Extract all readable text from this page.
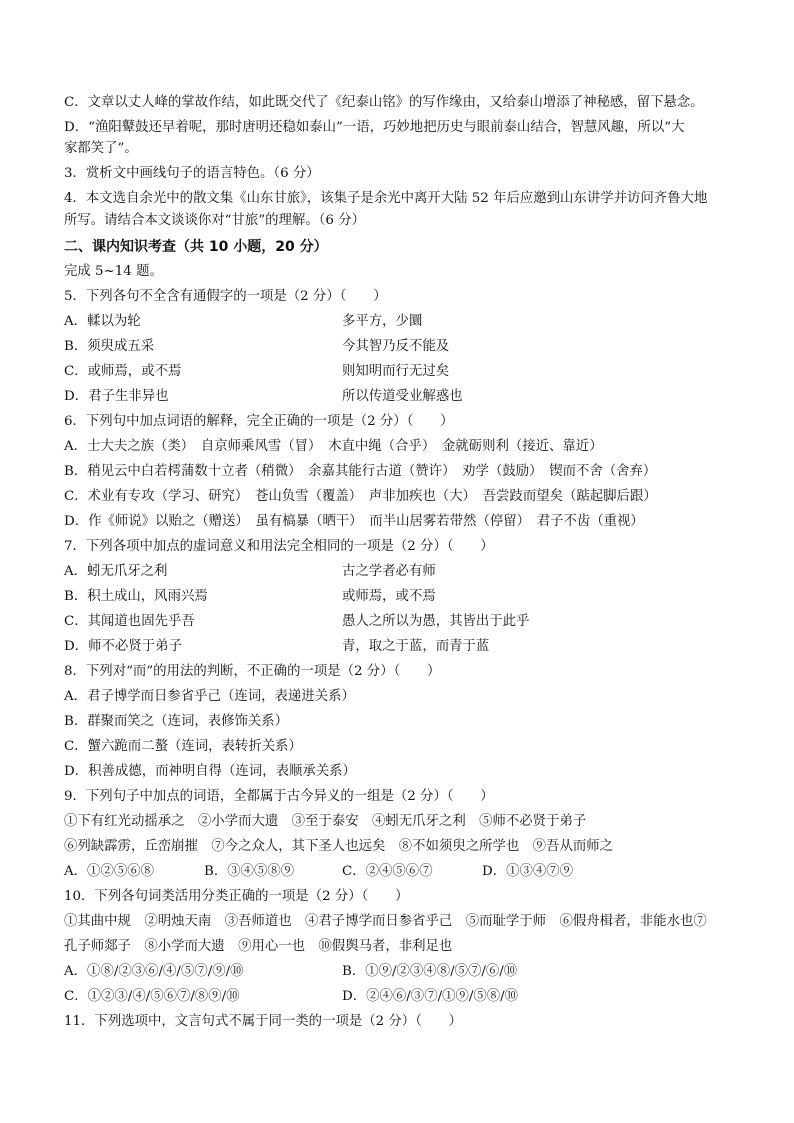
C．文章以丈人峰的掌故作结，如此既交代了《纪泰山铭》的写作缘由，又给泰山增添了神秘感，留下悬念。
D．“渔阳鼙鼓还早着呢，那时唐明还稳如泰山”一语，巧妙地把历史与眼前泰山结合，智慧风趣，所以“大
家都笑了”。
3．赏析文中画线句子的语言特色。（6 分）
4．本文选自余光中的散文集《山东甘旅》，该集子是余光中离开大陆 52 年后应邀到山东讲学并访问齐鲁大地
所写。请结合本文谈谈你对“甘旅”的理解。（6 分）
二、课内知识考查（共 10 小题，20 分）
完成 5~14 题。
5．下列各句不全含有通假字的一项是（2 分）（　　）
A．輮以为轮	多平方，少圜
B．须臾成五采	今其智乃反不能及
C．或师焉，或不焉	则知明而行无过矣
D．君子生非异也	所以传道受业解惑也
6．下列句中加点词语的解释，完全正确的一项是（2 分）（　　）
A．士大夫之族（类）　自京师乘风雪（冒）　木直中绳（合乎）　金就砺则利（接近、靠近）
B．稍见云中白若樗蒲数十立者（稍微）　余嘉其能行古道（赞许）　劝学（鼓励）　锲而不舍（舍弃）
C．术业有专攻（学习、研究）　苍山负雪（覆盖）　声非加疾也（大）　吾尝跂而望矣（踮起脚后跟）
D．作《师说》以贻之（赠送）　虽有槁暴（晒干）　而半山居雾若带然（停留）　君子不齿（重视）
7．下列各项中加点的虚词意义和用法完全相同的一项是（2 分）（　　）
A．蚓无爪牙之利	古之学者必有师
B．积土成山，风雨兴焉	或师焉，或不焉
C．其闻道也固先乎吾	愚人之所以为愚，其皆出于此乎
D．师不必贤于弟子	青，取之于蓝，而青于蓝
8．下列对“而”的用法的判断，不正确的一项是（2 分）（　　）
A．君子博学而日参省乎己（连词，表递进关系）
B．群聚而笑之（连词，表修饰关系）
C．蟹六跪而二螯（连词，表转折关系）
D．积善成德，而神明自得（连词，表顺承关系）
9．下列句子中加点的词语，全都属于古今异义的一组是（2 分）（　　）
①下有红光动摇承之　②小学而大遗　③至于泰安　④蚓无爪牙之利　⑤师不必贤于弟子
⑥列缺霹雳，丘峦崩摧　⑦今之众人，其下圣人也远矣　⑧不如须臾之所学也　⑨吾从而师之
A．①②⑤⑥⑧	B．③④⑤⑧⑨	C．②④⑤⑥⑦	D．①③④⑦⑨
10．下列各句词类活用分类正确的一项是（2 分）（　　）
①其曲中规　②明烛天南　③吾师道也　④君子博学而日参省乎己　⑤而耻学于师　⑥假舟楫者，非能水也⑦
孔子师郯子　⑧小学而大遗　⑨用心一也　⑩假舆马者，非利足也
A．①⑧/②③⑥/④/⑤⑦/⑨/⑩	B．①⑨/②③④⑧/⑤⑦/⑥/⑩
C．①②③/④/⑤⑥⑦/⑧⑨/⑩	D．②④⑥/③⑦/①⑨/⑤⑧/⑩
11．下列选项中，文言句式不属于同一类的一项是（2 分）（　　）
